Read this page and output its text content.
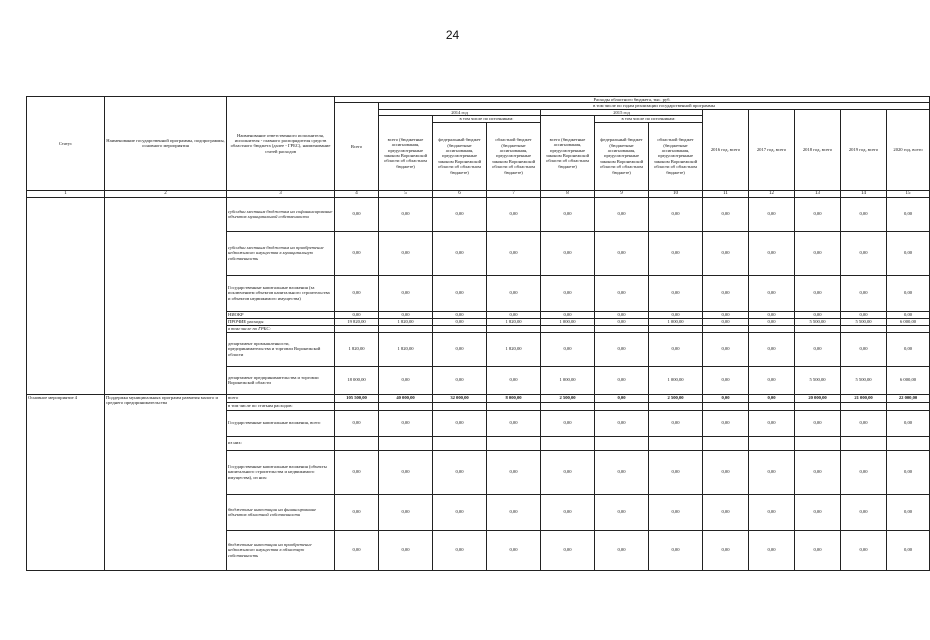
24
Статус	Наименование государственной программы, подпрограммы, основного мероприятия	Наименование ответственного исполнителя, исполнителя - главного распорядителя средств областного бюджета (далее - ГРБС), наименование статей расходов	Расходы областного бюджета, тыс. руб.											
			Всего	в том числе по годам реализации государственной программы										
				2014 год			2015 год			2016 год, всего	2017 год, всего	2018 год, всего	2019 год, всего	2020 год, всего
				всего (бюджетные ассигнования, предусмотренные законом Воронежской области об областном бюджете)	в том числе по источникам:		всего (бюджетные ассигнования, предусмотренные законом Воронежской области об областном бюджете)	в том числе по источникам:						
					федеральный бюджет (бюджетные ассигнования, предусмотренные законом Воронежской области об областном бюджете)	областной бюджет (бюджетные ассигнования, предусмотренные законом Воронежской области об областном бюджете)		федеральный бюджет (бюджетные ассигнования, предусмотренные законом Воронежской области об областном бюджете)	областной бюджет (бюджетные ассигнования, предусмотренные законом Воронежской области об областном бюджете)					
1	2	3	4	5	6	7	8	9	10	11	12	13	14	15
		субсидии местным бюджетам на софинансирование объектов муниципальной собственности	0,00	0,00	0,00	0,00	0,00	0,00	0,00	0,00	0,00	0,00	0,00	0,00
		субсидии местным бюджетам на приобретение недвижимого имущества в муниципальную собственность	0,00	0,00	0,00	0,00	0,00	0,00	0,00	0,00	0,00	0,00	0,00	0,00
		Государственные капитальные вложения (за исключением объектов капитального строительства и объектов недвижимого имущества)	0,00	0,00	0,00	0,00	0,00	0,00	0,00	0,00	0,00	0,00	0,00	0,00
		НИОКР	0,00	0,00	0,00	0,00	0,00	0,00	0,00	0,00	0,00	0,00	0,00	0,00
		ПРОЧИЕ расходы	19 820,00	1 820,00	0,00	1 820,00	1 000,00	0,00	1 000,00	0,00	0,00	5 500,00	5 500,00	6 000,00
		в том числе по ГРБС:												
		департамент промышленности, предпринимательства и торговли Воронежской области	1 820,00	1 820,00	0,00	1 820,00	0,00	0,00	0,00	0,00	0,00	0,00	0,00	0,00
		департамент предпринимательства и торговли Воронежской области	18 000,00	0,00	0,00	0,00	1 000,00	0,00	1 000,00	0,00	0,00	5 500,00	5 500,00	6 000,00
Основное мероприятие 4	Поддержка муниципальных программ развития малого и среднего предпринимательства	всего	105 500,00	40 000,00	32 000,00	8 000,00	2 500,00	0,00	2 500,00	0,00	0,00	20 000,00	21 000,00	22 000,00
		в том числе по статьям расходов:												
		Государственные капитальные вложения, всего	0,00	0,00	0,00	0,00	0,00	0,00	0,00	0,00	0,00	0,00	0,00	0,00
		из них:												
		Государственные капитальные вложения (объекты капитального строительства и недвижимого имущества), из них:	0,00	0,00	0,00	0,00	0,00	0,00	0,00	0,00	0,00	0,00	0,00	0,00
		бюджетные инвестиции на финансирование объектов областной собственности	0,00	0,00	0,00	0,00	0,00	0,00	0,00	0,00	0,00	0,00	0,00	0,00
		бюджетные инвестиции на приобретение недвижимого имущества в областную собственность	0,00	0,00	0,00	0,00	0,00	0,00	0,00	0,00	0,00	0,00	0,00	0,00
